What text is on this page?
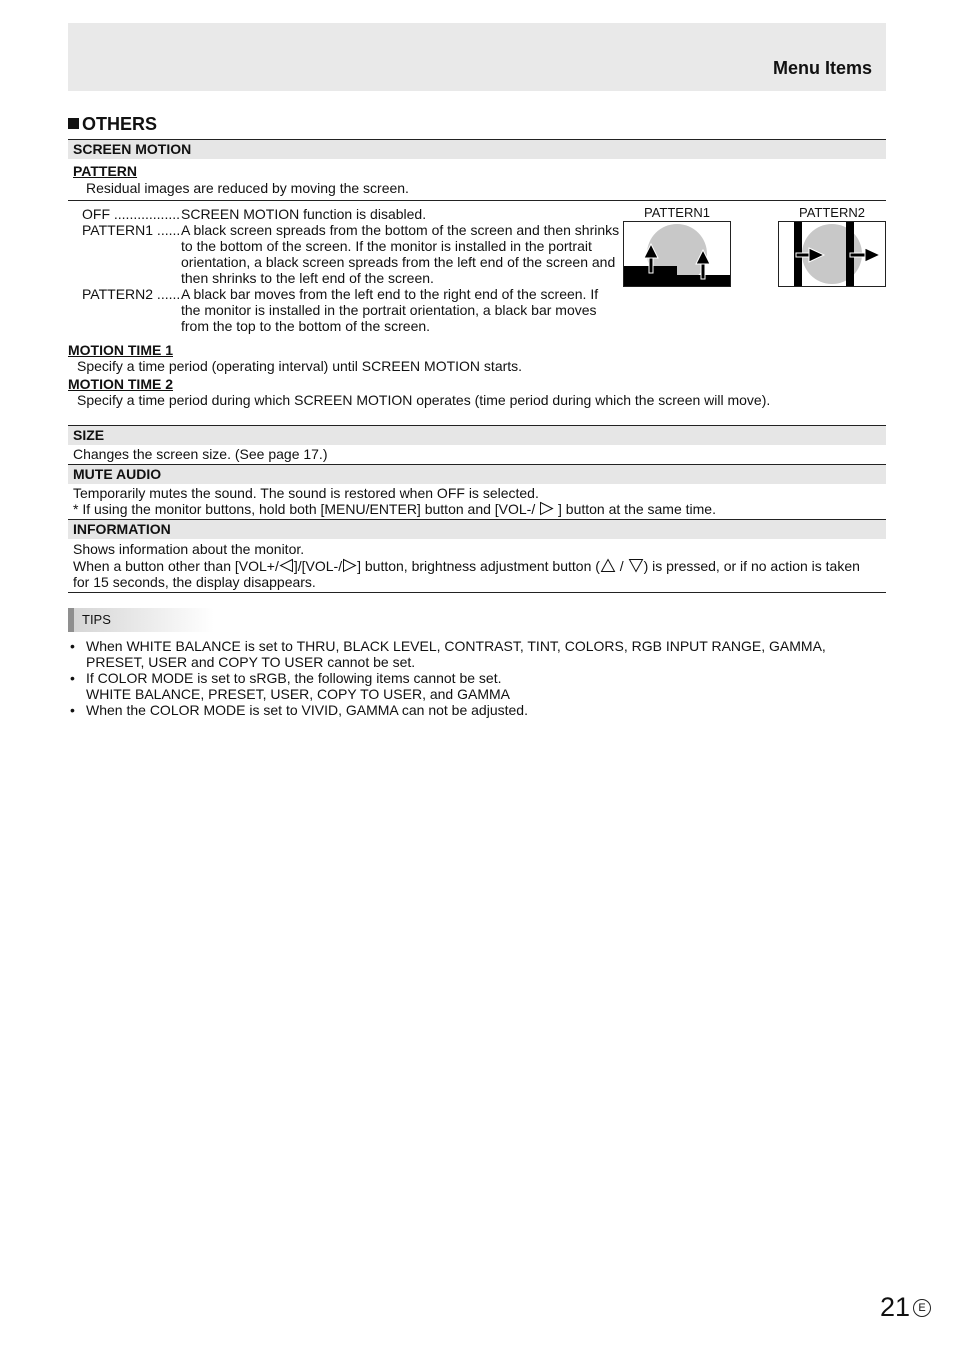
Menu Items
OTHERS
SCREEN MOTION
PATTERN
Residual images are reduced by moving the screen.
OFF ................. SCREEN MOTION function is disabled.
PATTERN1 ...... A black screen spreads from the bottom of the screen and then shrinks to the bottom of the screen. If the monitor is installed in the portrait orientation, a black screen spreads from the left end of the screen and then shrinks to the left end of the screen.
PATTERN2 ...... A black bar moves from the left end to the right end of the screen. If the monitor is installed in the portrait orientation, a black bar moves from the top to the bottom of the screen.
PATTERN1	PATTERN2
MOTION TIME 1
Specify a time period (operating interval) until SCREEN MOTION starts.
MOTION TIME 2
Specify a time period during which SCREEN MOTION operates (time period during which the screen will move).
SIZE
Changes the screen size. (See page 17.)
MUTE AUDIO
Temporarily mutes the sound. The sound is restored when OFF is selected.
* If using the monitor buttons, hold both [MENU/ENTER] button and [VOL-/ ] button at the same time.
INFORMATION
Shows information about the monitor.
When a button other than [VOL+/ ]/[VOL-/ ] button, brightness adjustment button ( / ) is pressed, or if no action is taken
for 15 seconds, the display disappears.
TIPS
• When WHITE BALANCE is set to THRU, BLACK LEVEL, CONTRAST, TINT, COLORS, RGB INPUT RANGE, GAMMA,
PRESET, USER and COPY TO USER cannot be set.
• If COLOR MODE is set to sRGB, the following items cannot be set.
WHITE BALANCE, PRESET, USER, COPY TO USER, and GAMMA
• When the COLOR MODE is set to VIVID, GAMMA can not be adjusted.
21 E
